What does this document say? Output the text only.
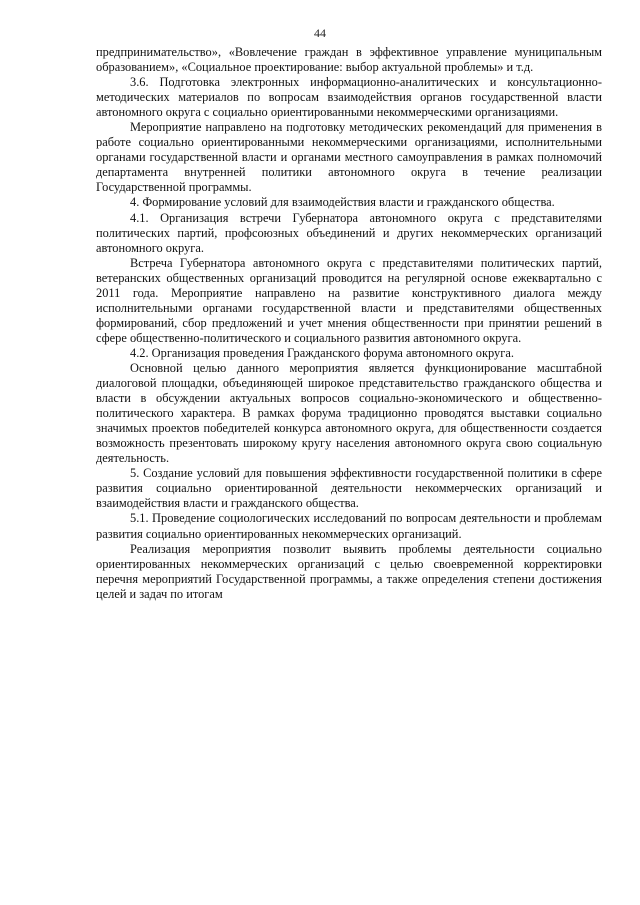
44

предпринимательство», «Вовлечение граждан в эффективное управление муниципальным образованием», «Социальное проектирование: выбор актуальной проблемы» и т.д.

3.6. Подготовка электронных информационно-аналитических и консультационно-методических материалов по вопросам взаимодействия органов государственной власти автономного округа с социально ориентированными некоммерческими организациями.

Мероприятие направлено на подготовку методических рекомендаций для применения в работе социально ориентированными некоммерческими организациями, исполнительными органами государственной власти и органами местного самоуправления в рамках полномочий департамента внутренней политики автономного округа в течение реализации Государственной программы.

4. Формирование условий для взаимодействия власти и гражданского общества.

4.1. Организация встречи Губернатора автономного округа с представителями политических партий, профсоюзных объединений и других некоммерческих организаций автономного округа.

Встреча Губернатора автономного округа с представителями политических партий, ветеранских общественных организаций проводится на регулярной основе ежеквартально с 2011 года. Мероприятие направлено на развитие конструктивного диалога между исполнительными органами государственной власти и представителями общественных формирований, сбор предложений и учет мнения общественности при принятии решений в сфере общественно-политического и социального развития автономного округа.

4.2. Организация проведения Гражданского форума автономного округа.

Основной целью данного мероприятия является функционирование масштабной диалоговой площадки, объединяющей широкое представительство гражданского общества и власти в обсуждении актуальных вопросов социально-экономического и общественно-политического характера. В рамках форума традиционно проводятся выставки социально значимых проектов победителей конкурса автономного округа, для общественности создается возможность презентовать широкому кругу населения автономного округа свою социальную деятельность.

5. Создание условий для повышения эффективности государственной политики в сфере развития социально ориентированной деятельности некоммерческих организаций и взаимодействия власти и гражданского общества.

5.1. Проведение социологических исследований по вопросам деятельности и проблемам развития социально ориентированных некоммерческих организаций.

Реализация мероприятия позволит выявить проблемы деятельности социально ориентированных некоммерческих организаций с целью своевременной корректировки перечня мероприятий Государственной программы, а также определения степени достижения целей и задач по итогам
